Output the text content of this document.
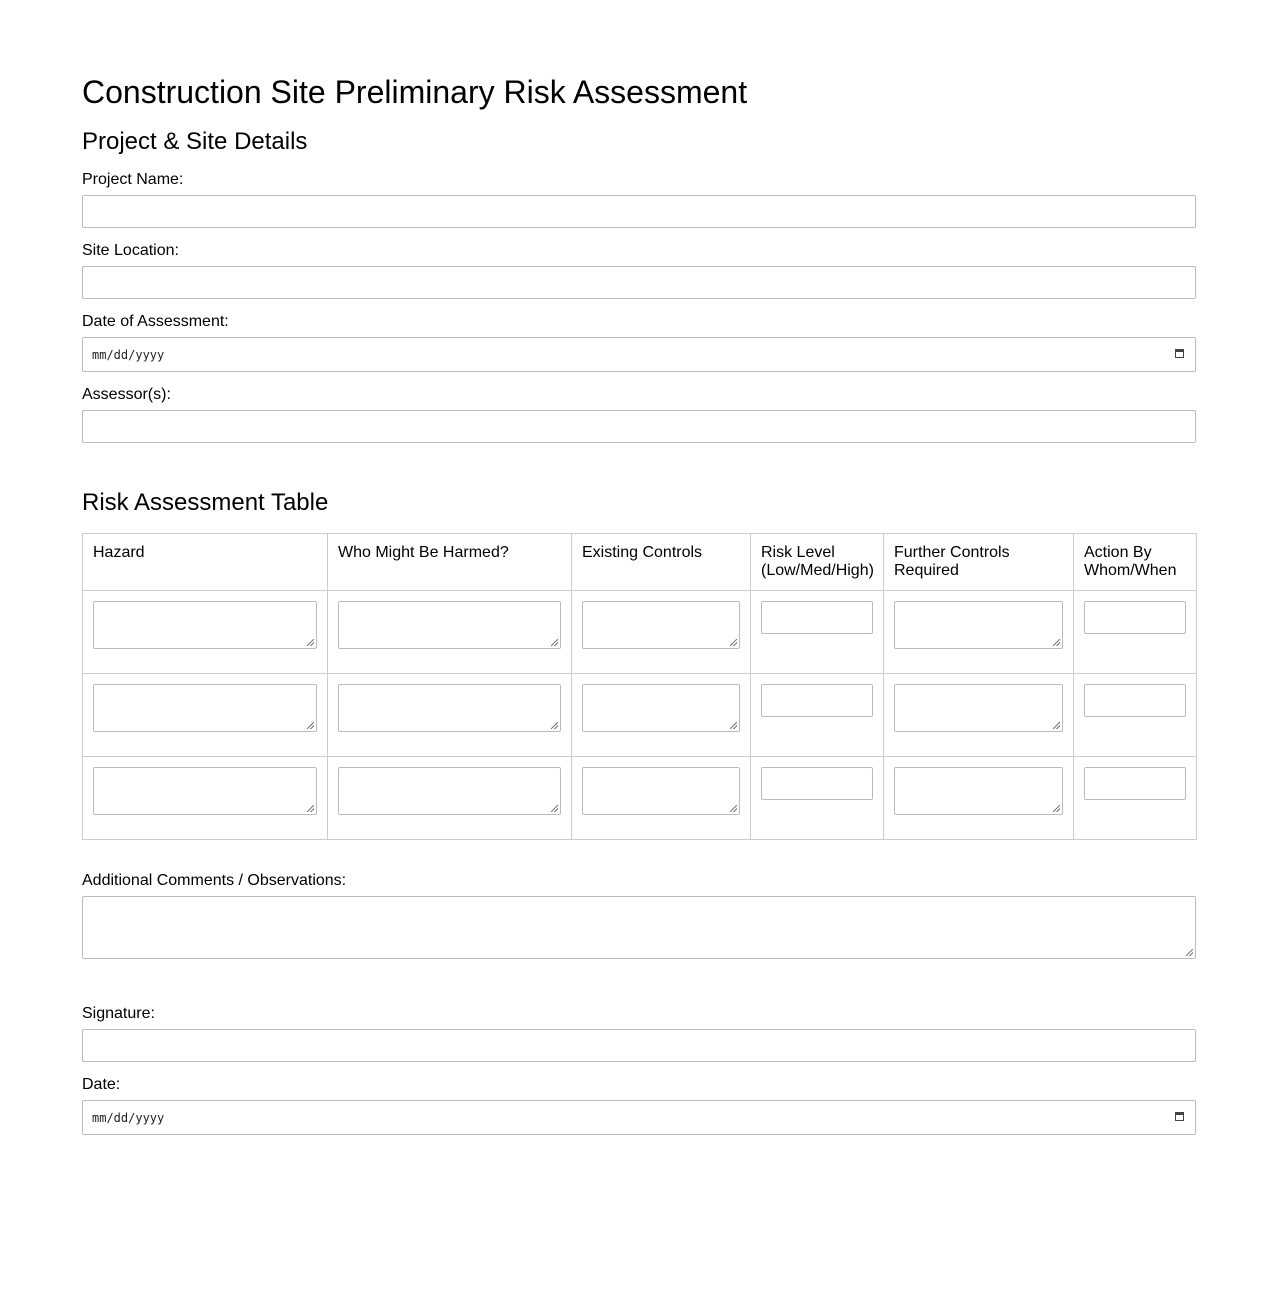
Construction Site Preliminary Risk Assessment
Project & Site Details
Project Name:
Site Location:
Date of Assessment:
mm/dd/yyyy
Assessor(s):
Risk Assessment Table
Hazard	Who Might Be Harmed?	Existing Controls	Risk Level (Low/Med/High)	Further Controls Required	Action By Whom/When

Additional Comments / Observations:
Signature:
Date:
mm/dd/yyyy
